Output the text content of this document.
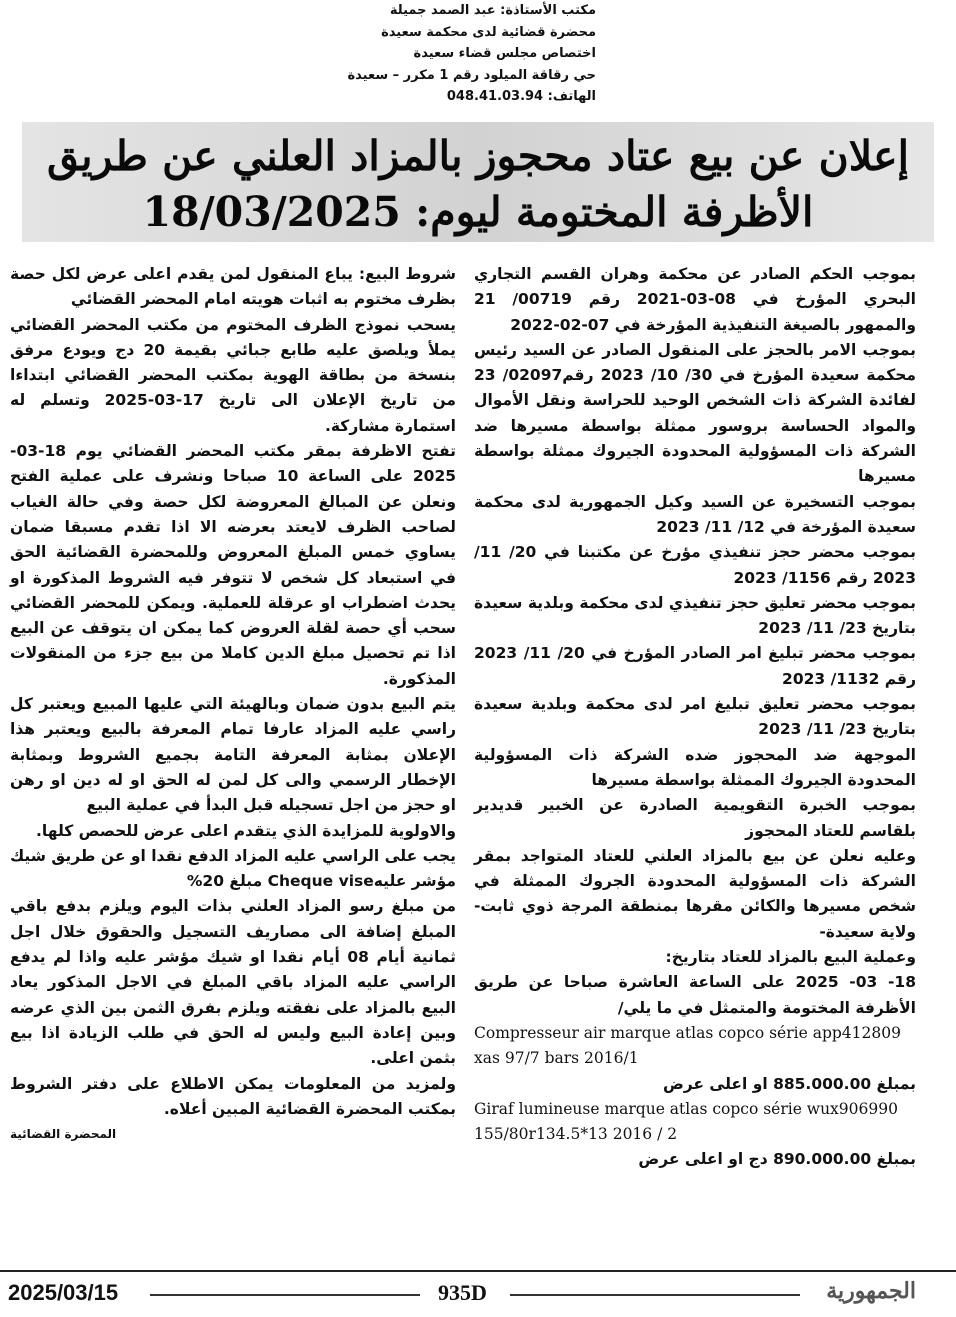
مكتب الأستاذة: عبد الصمد جميلة
محضرة قضائية لدى محكمة سعيدة
اختصاص مجلس قضاء سعيدة
حي رقاقة الميلود رقم 1 مكرر – سعيدة
الهاتف: 048.41.03.94
إعلان عن بيع عتاد محجوز بالمزاد العلني عن طريق
الأظرفة المختومة ليوم: 18/03/2025

بموجب الحكم الصادر عن محكمة وهران القسم التجاري البحري المؤرخ في 08-03-2021 رقم 00719/ 21 والممهور بالصيغة التنفيذية المؤرخة في 07-02-2022

بموجب الامر بالحجز على المنقول الصادر عن السيد رئيس محكمة سعيدة المؤرخ في 30/ 10/ 2023 رقم02097/ 23 لفائدة الشركة ذات الشخص الوحيد للحراسة ونقل الأموال والمواد الحساسة بروسور ممثلة بواسطة مسيرها ضد الشركة ذات المسؤولية المحدودة الجيروك ممثلة بواسطة مسيرها

بموجب التسخيرة عن السيد وكيل الجمهورية لدى محكمة سعيدة المؤرخة في 12/ 11/ 2023

بموجب محضر حجز تنفيذي مؤرخ عن مكتبنا في 20/ 11/ 2023 رقم 1156/ 2023

بموجب محضر تعليق حجز تنفيذي لدى محكمة وبلدية سعيدة بتاريخ 23/ 11/ 2023

بموجب محضر تبليغ امر الصادر المؤرخ في 20/ 11/ 2023 رقم 1132/ 2023

بموجب محضر تعليق تبليغ امر لدى محكمة وبلدية سعيدة بتاريخ 23/ 11/ 2023

الموجهة ضد المحجوز ضده الشركة ذات المسؤولية المحدودة الجيروك الممثلة بواسطة مسيرها

بموجب الخبرة التقويمية الصادرة عن الخبير قديدير بلقاسم للعتاد المحجوز

وعليه نعلن عن بيع بالمزاد العلني للعتاد المتواجد بمقر الشركة ذات المسؤولية المحدودة الجروك الممثلة في شخص مسيرها والكائن مقرها بمنطقة المرجة ذوي ثابت-ولاية سعيدة-

وعملية البيع بالمزاد للعتاد بتاريخ:

18- 03- 2025 على الساعة العاشرة صباحا عن طريق الأظرفة المختومة والمتمثل في ما يلي/

Compresseur air marque atlas copco série app412809 xas 97/7 bars 2016/1

بمبلغ 885.000.00 او اعلى عرض

Giraf lumineuse marque atlas copco série wux906990 155/80r134.5*13 2016 / 2

بمبلغ 890.000.00 دج او اعلى عرض

شروط البيع: يباع المنقول لمن يقدم اعلى عرض لكل حصة بظرف مختوم به اثبات هويته امام المحضر القضائي

يسحب نموذج الظرف المختوم من مكتب المحضر القضائي يملأ ويلصق عليه طابع جبائي بقيمة 20 دج ويودع مرفق بنسخة من بطاقة الهوية بمكتب المحضر القضائي ابتداءا من تاريخ الإعلان الى تاريخ 17-03-2025 وتسلم له استمارة مشاركة.

تفتح الاظرفة بمقر مكتب المحضر القضائي يوم 18-03-2025 على الساعة 10 صباحا ونشرف على عملية الفتح ونعلن عن المبالغ المعروضة لكل حصة وفي حالة الغياب لصاحب الظرف لايعتد بعرضه الا اذا تقدم مسبقا ضمان يساوي خمس المبلغ المعروض وللمحضرة القضائية الحق في استبعاد كل شخص لا تتوفر فيه الشروط المذكورة او يحدث اضطراب او عرقلة للعملية. ويمكن للمحضر القضائي سحب أي حصة لقلة العروض كما يمكن ان يتوقف عن البيع اذا تم تحصيل مبلغ الدين كاملا من بيع جزء من المنقولات المذكورة.

يتم البيع بدون ضمان وبالهيئة التي عليها المبيع ويعتبر كل راسي عليه المزاد عارفا تمام المعرفة بالبيع ويعتبر هذا الإعلان بمثابة المعرفة التامة بجميع الشروط وبمثابة الإخطار الرسمي والى كل لمن له الحق او له دين او رهن او حجز من اجل تسجيله قبل البدأ في عملية البيع

والاولوية للمزايدة الذي يتقدم اعلى عرض للحصص كلها.

يجب على الراسي عليه المزاد الدفع نقدا او عن طريق شيك مؤشر عليهCheque vise مبلغ 20%

من مبلغ رسو المزاد العلني بذات اليوم ويلزم بدفع باقي المبلغ إضافة الى مصاريف التسجيل والحقوق خلال اجل ثمانية أيام 08 أيام نقدا او شيك مؤشر عليه واذا لم يدفع الراسي عليه المزاد باقي المبلغ في الاجل المذكور يعاد البيع بالمزاد على نفقته ويلزم بفرق الثمن بين الذي عرضه وبين إعادة البيع وليس له الحق في طلب الزيادة اذا بيع بثمن اعلى.

ولمزيد من المعلومات يمكن الاطلاع على دفتر الشروط بمكتب المحضرة القضائية المبين أعلاه.

المحضرة القضائية

2025/03/15	935D	الجمهورية
